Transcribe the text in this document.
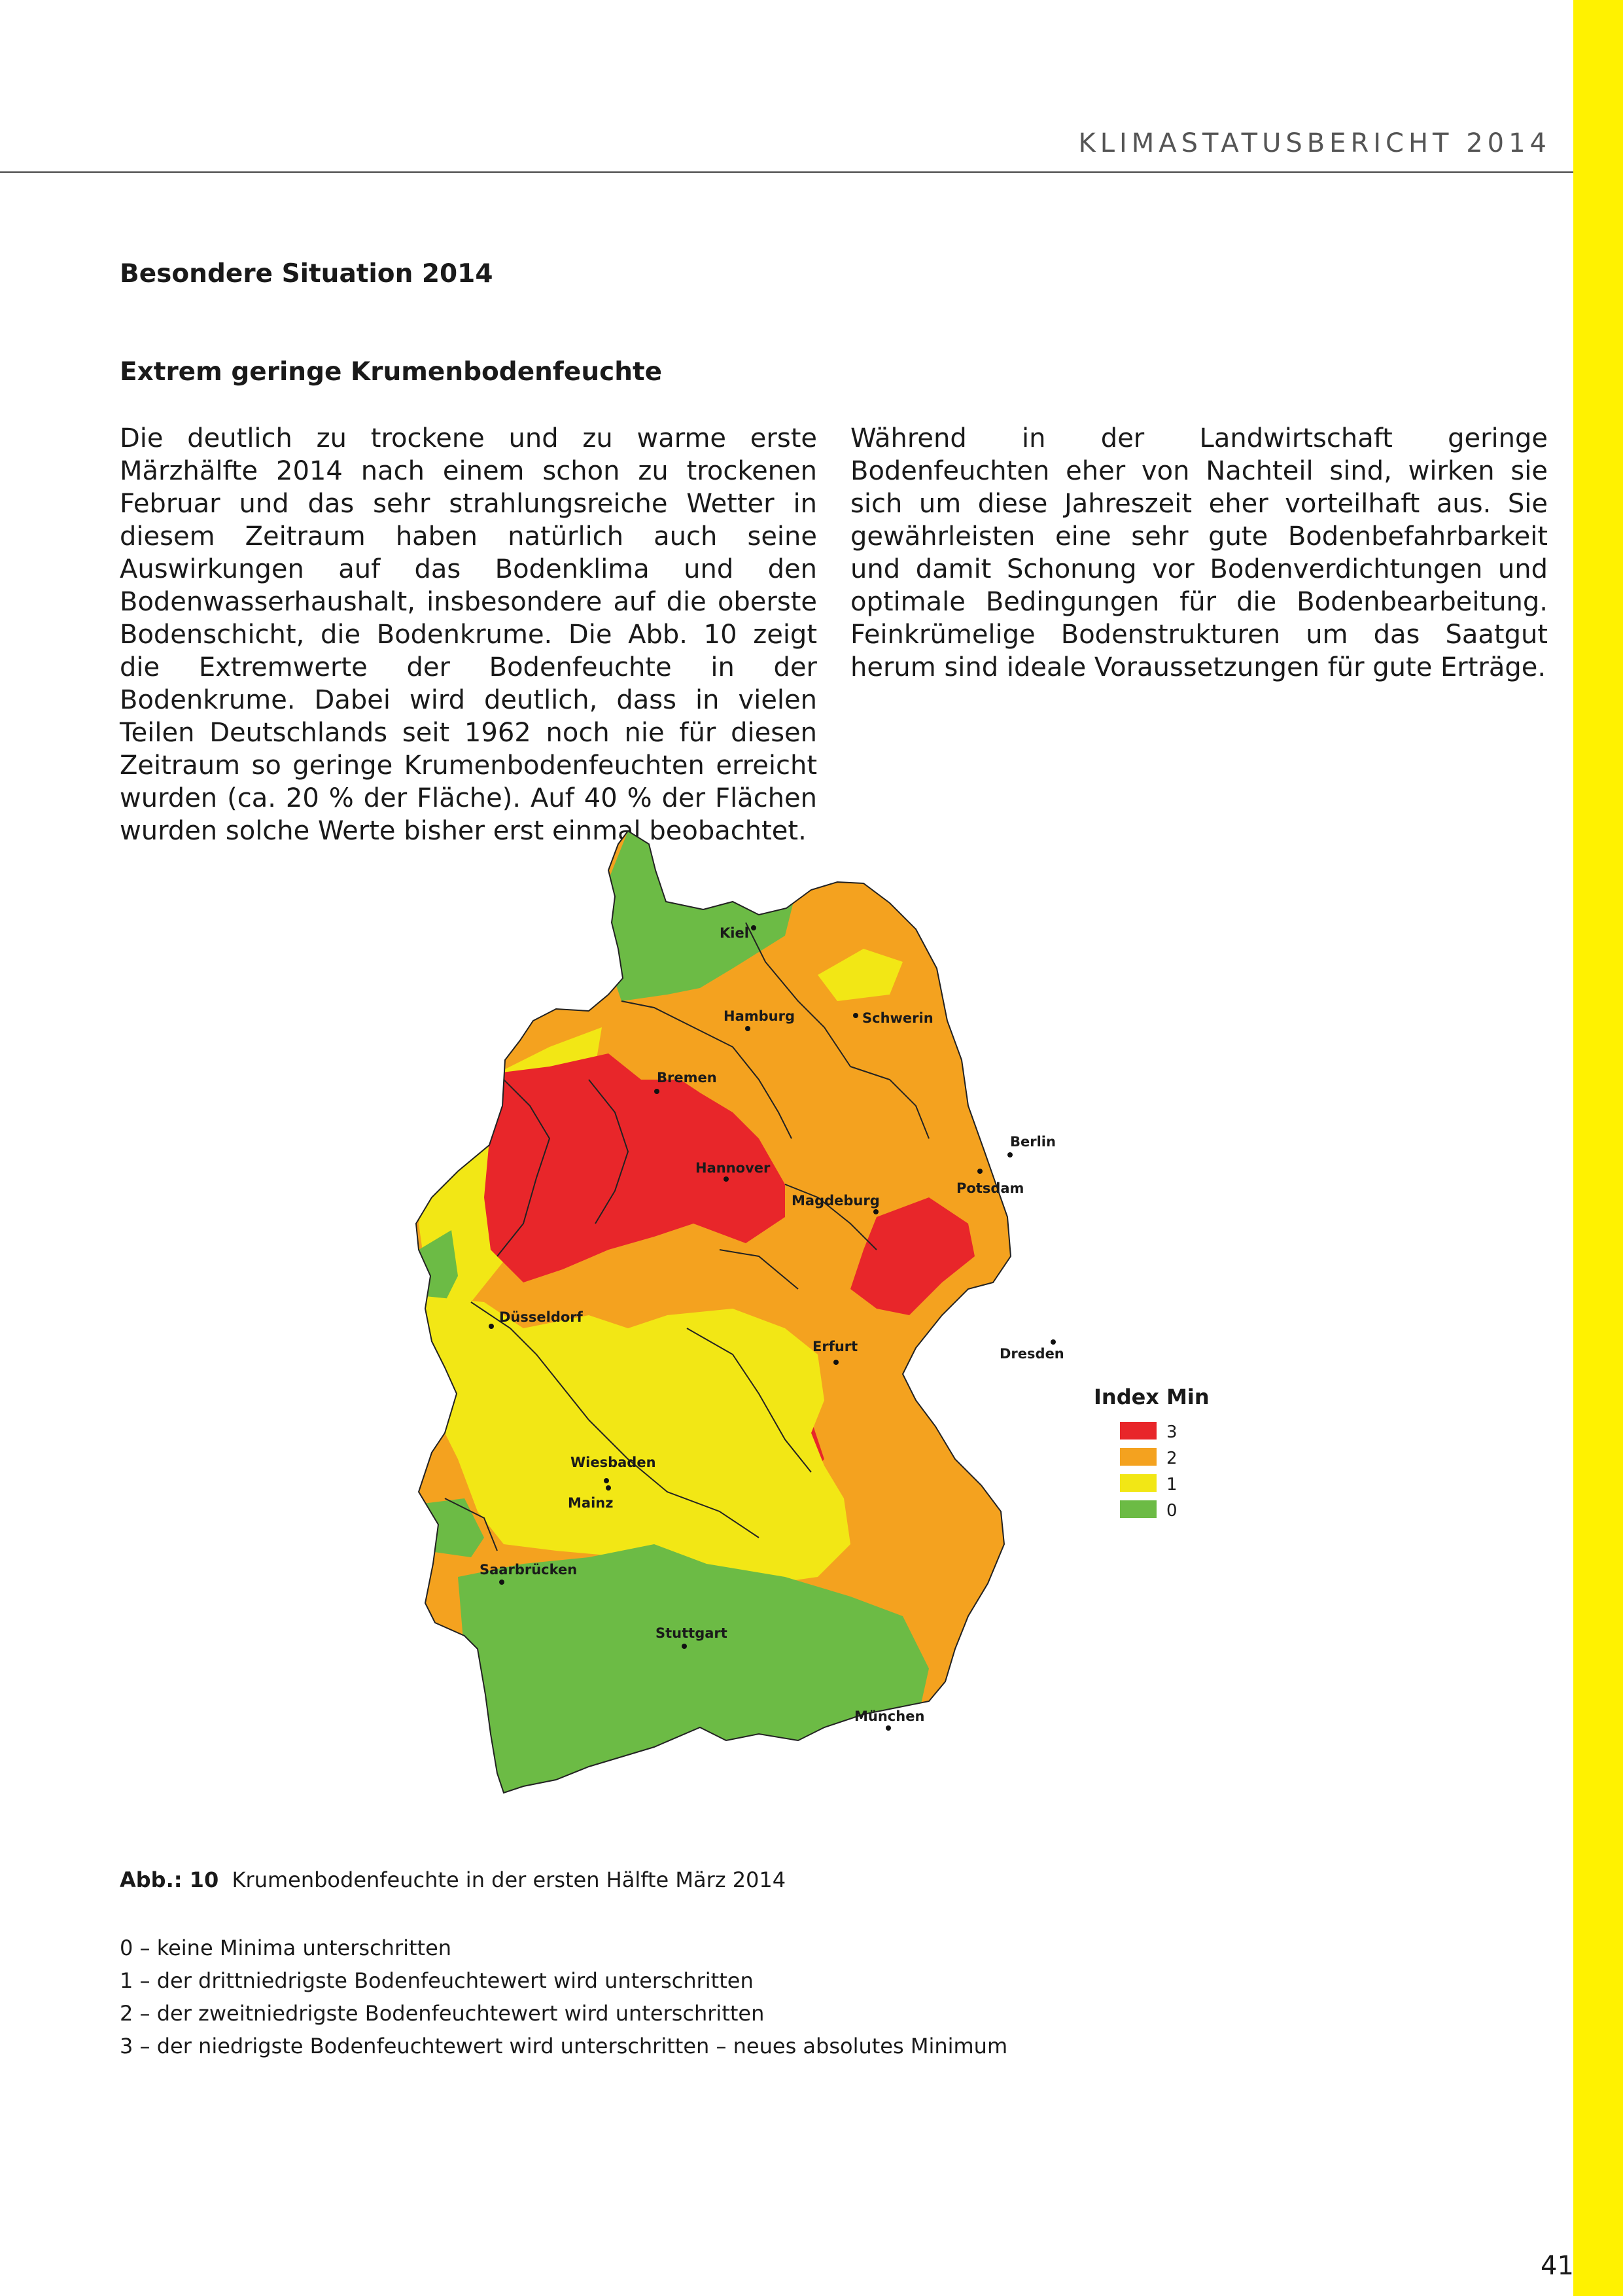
KLIMASTATUSBERICHT 2014
Besondere Situation 2014
Extrem geringe Krumenbodenfeuchte
Die deutlich zu trockene und zu warme erste Märzhälfte 2014 nach einem schon zu trockenen Februar und das sehr strahlungsreiche Wetter in diesem Zeitraum haben natürlich auch seine Auswirkungen auf das Bodenklima und den Bodenwasserhaushalt, insbesondere auf die oberste Bodenschicht, die Bodenkrume. Die Abb. 10 zeigt die Extremwerte der Bodenfeuchte in der Bodenkrume. Dabei wird deutlich, dass in vielen Teilen Deutschlands seit 1962 noch nie für diesen Zeitraum so geringe Krumenbodenfeuchten erreicht wurden (ca. 20 % der Fläche). Auf 40 % der Flächen wurden solche Werte bisher erst einmal beobachtet.
Während in der Landwirtschaft geringe Bodenfeuchten eher von Nachteil sind, wirken sie sich um diese Jahreszeit eher vorteilhaft aus. Sie gewährleisten eine sehr gute Bodenbefahrbarkeit und damit Schonung vor Bodenverdichtungen und optimale Bedingungen für die Bodenbearbeitung. Feinkrümelige Bodenstrukturen um das Saatgut herum sind ideale Voraussetzungen für gute Erträge.
Kiel
Hamburg	Schwerin
Bremen
Berlin
Hannover
Potsdam
Magdeburg
Düsseldorf
Erfurt	Dresden
Wiesbaden
Mainz
Saarbrücken
Stuttgart
München
Index Min
3
2
1
0
Abb.: 10 Krumenbodenfeuchte in der ersten Hälfte März 2014
0 – keine Minima unterschritten
1 – der drittniedrigste Bodenfeuchtewert wird unterschritten
2 – der zweitniedrigste Bodenfeuchtewert wird unterschritten
3 – der niedrigste Bodenfeuchtewert wird unterschritten – neues absolutes Minimum
41
